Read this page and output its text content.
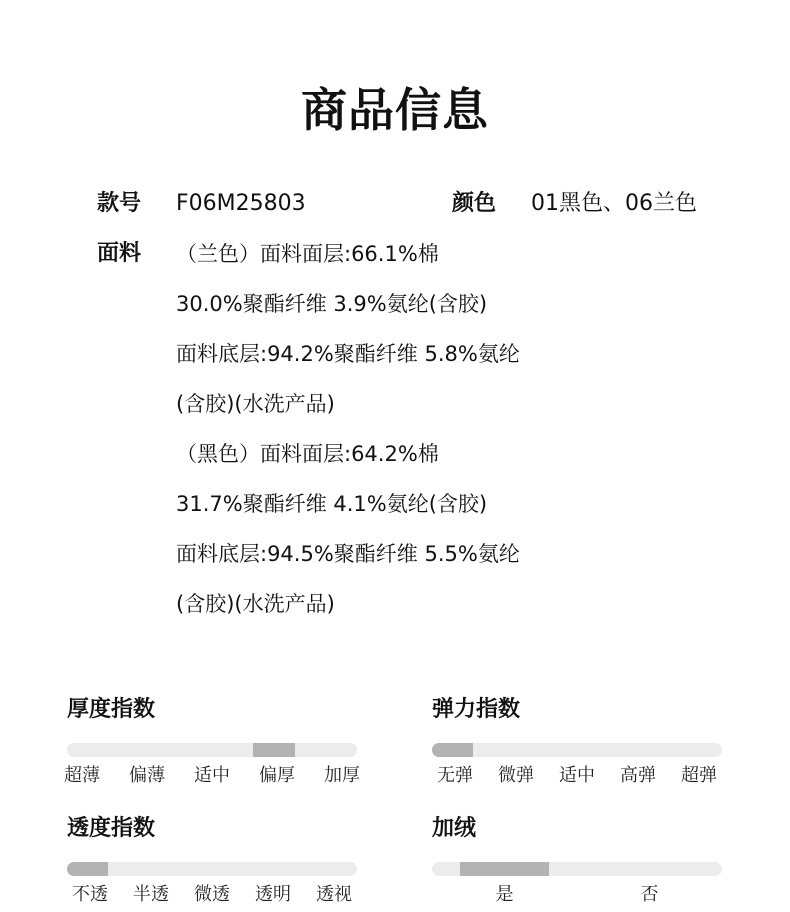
商品信息
款号 F06M25803	颜色 01黑色、06兰色
面料 （兰色）面料面层:66.1%棉
30.0%聚酯纤维 3.9%氨纶(含胶)
面料底层:94.2%聚酯纤维 5.8%氨纶
(含胶)(水洗产品)
（黑色）面料面层:64.2%棉
31.7%聚酯纤维 4.1%氨纶(含胶)
面料底层:94.5%聚酯纤维 5.5%氨纶
(含胶)(水洗产品)
厚度指数
超薄 偏薄 适中 偏厚 加厚
弹力指数
无弹 微弹 适中 高弹 超弹
透度指数
不透 半透 微透 透明 透视
加绒
是	否
